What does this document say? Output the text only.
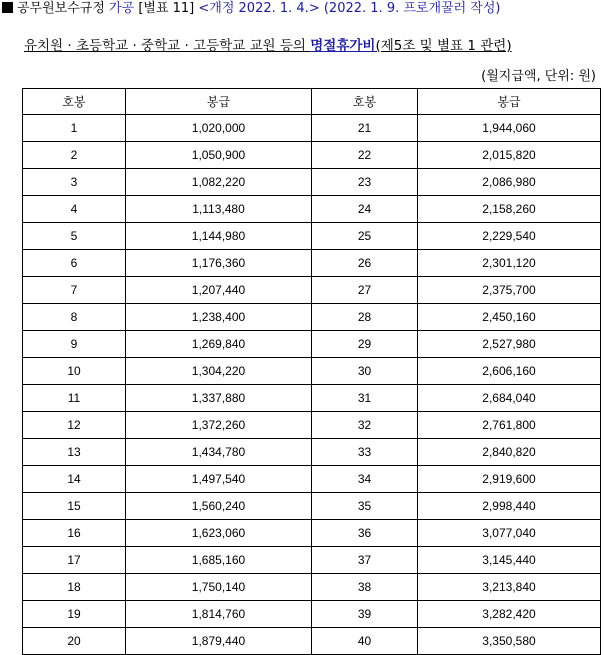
공무원보수규정 가공 [별표 11] <개정 2022. 1. 4.> (2022. 1. 9. 프로개꿀러 작성)
유치원 · 초등학교 · 중학교 · 고등학교 교원 등의 명절휴가비(제5조 및 별표 1 관련)
(월지급액, 단위: 원)
호봉	봉급	호봉	봉급
1	1,020,000	21	1,944,060
2	1,050,900	22	2,015,820
3	1,082,220	23	2,086,980
4	1,113,480	24	2,158,260
5	1,144,980	25	2,229,540
6	1,176,360	26	2,301,120
7	1,207,440	27	2,375,700
8	1,238,400	28	2,450,160
9	1,269,840	29	2,527,980
10	1,304,220	30	2,606,160
11	1,337,880	31	2,684,040
12	1,372,260	32	2,761,800
13	1,434,780	33	2,840,820
14	1,497,540	34	2,919,600
15	1,560,240	35	2,998,440
16	1,623,060	36	3,077,040
17	1,685,160	37	3,145,440
18	1,750,140	38	3,213,840
19	1,814,760	39	3,282,420
20	1,879,440	40	3,350,580
